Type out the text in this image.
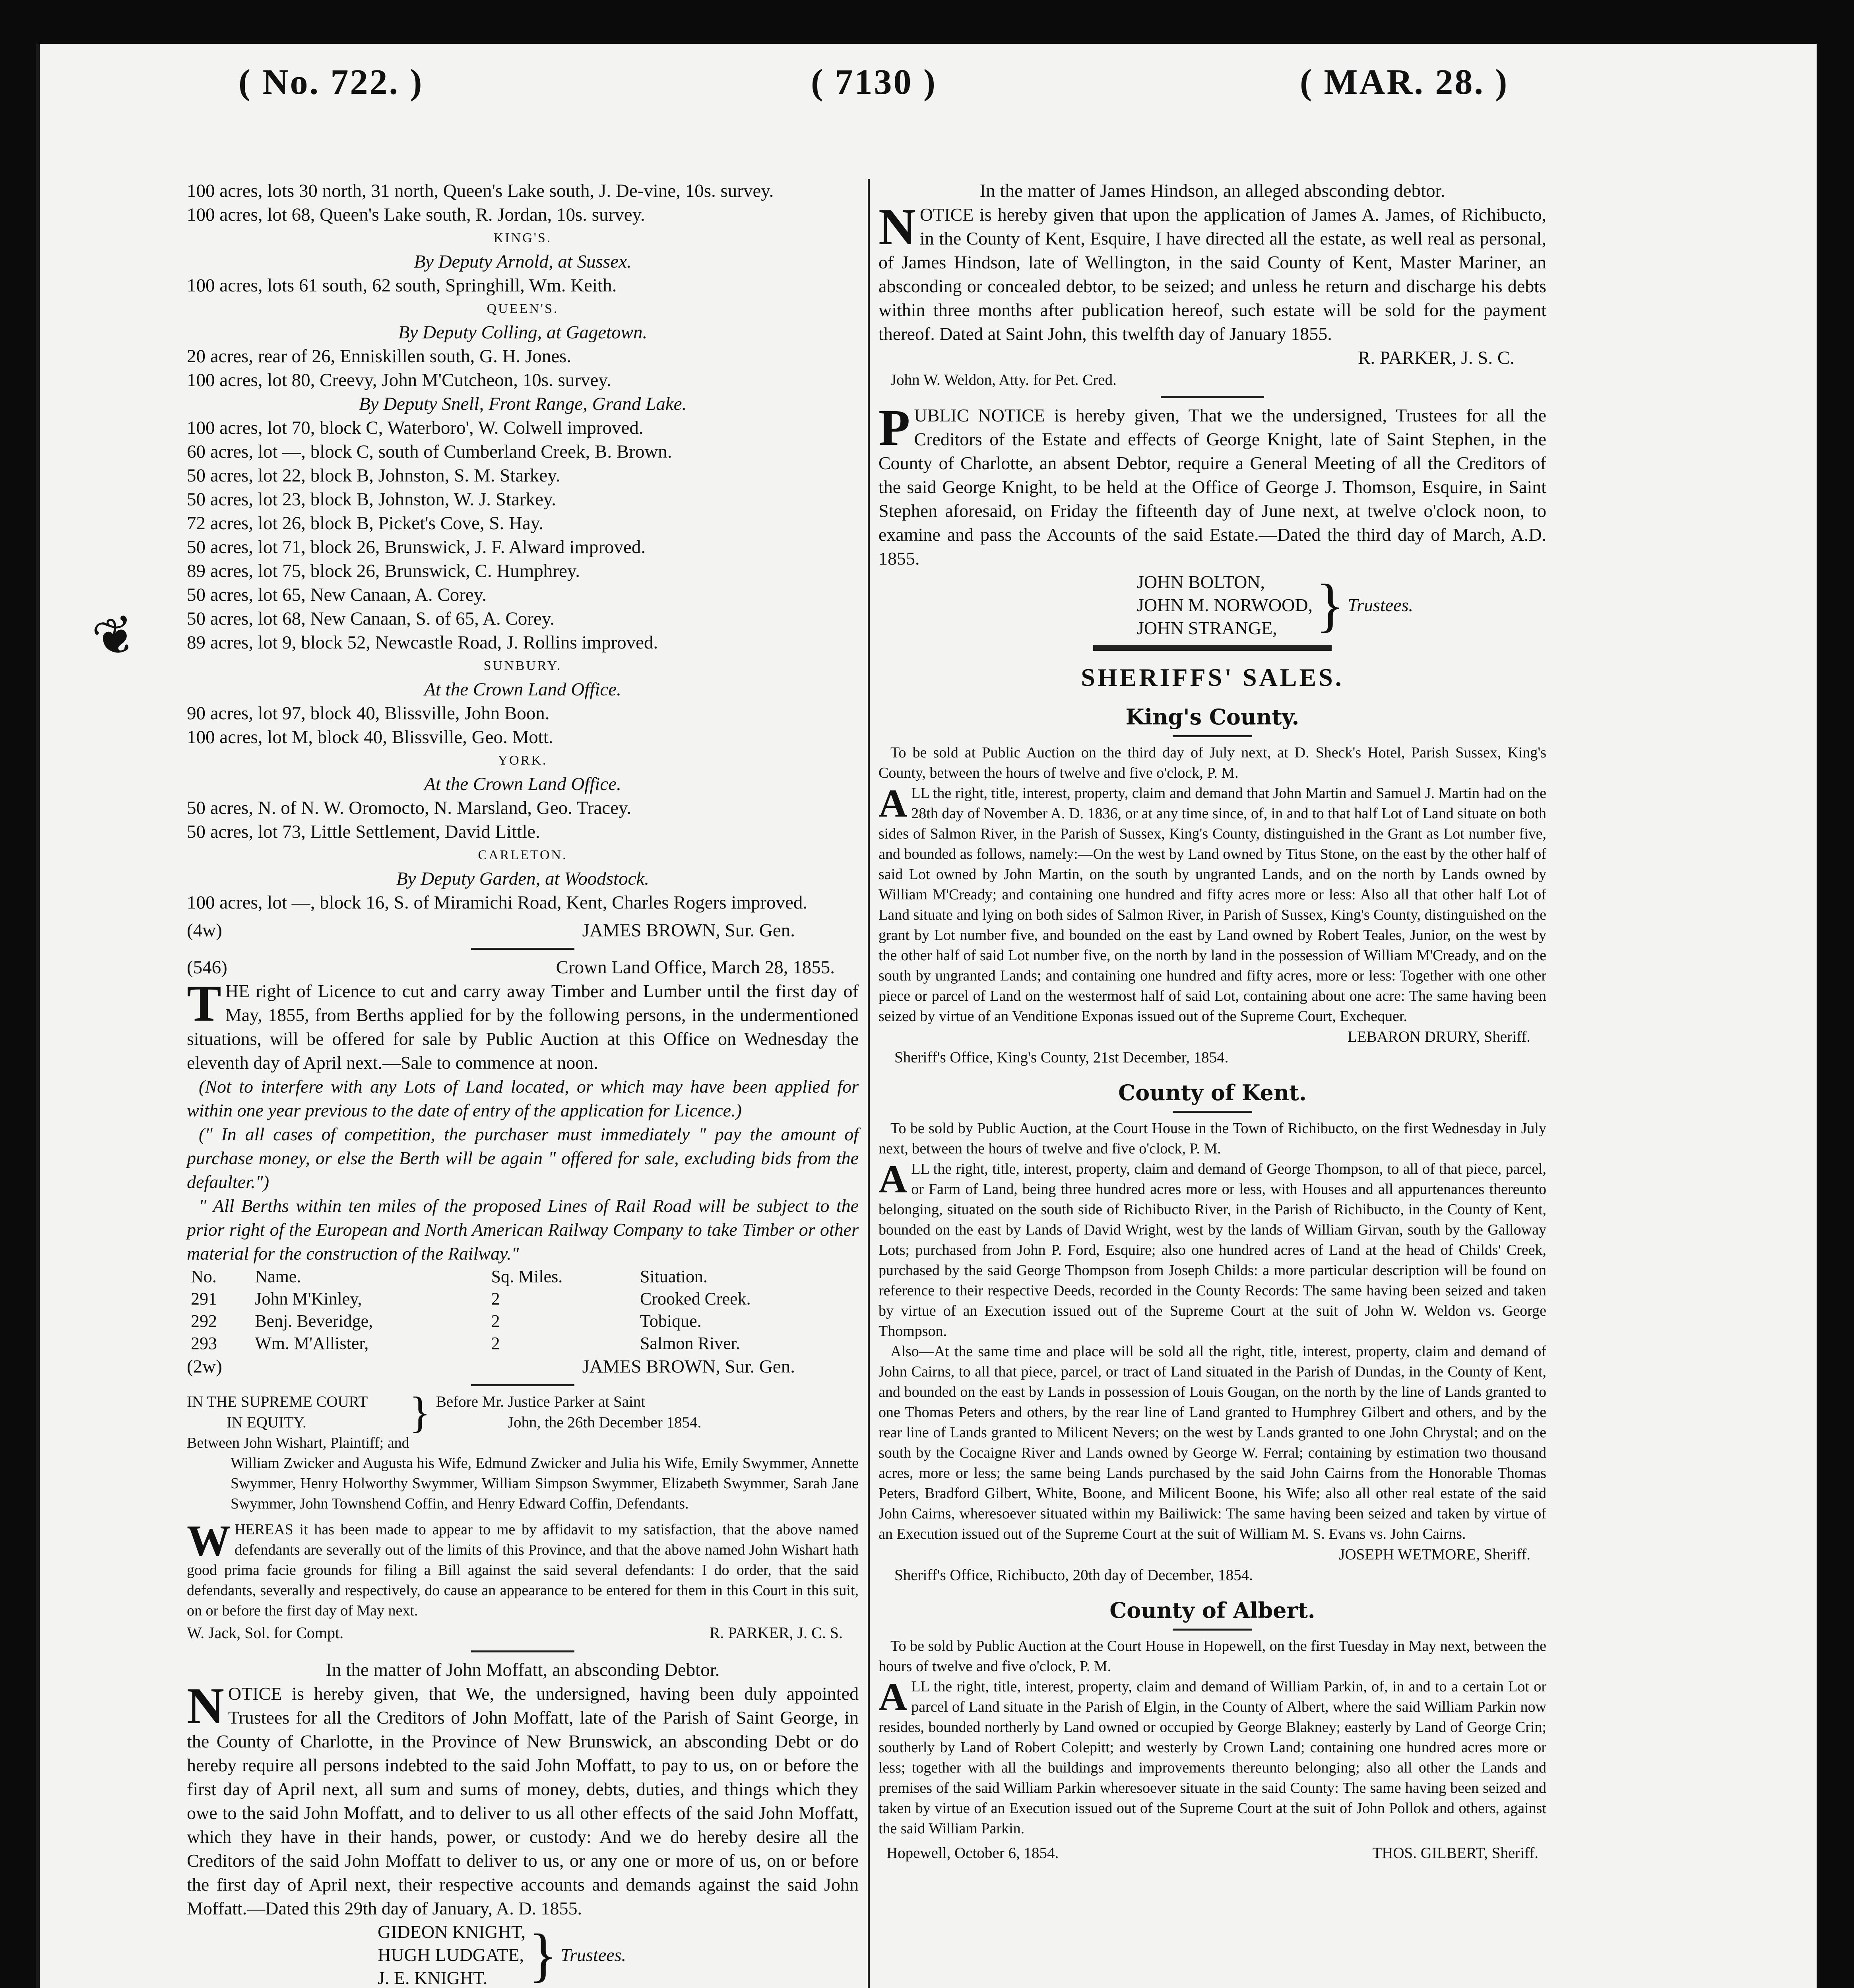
( No. 722. )	( 7130 )	( MAR. 28. )
❦
100 acres, lots 30 north, 31 north, Queen's Lake south, J. De-vine, 10s. survey.
100 acres, lot 68, Queen's Lake south, R. Jordan, 10s. survey.
KING'S.
By Deputy Arnold, at Sussex.
100 acres, lots 61 south, 62 south, Springhill, Wm. Keith.
QUEEN'S.
By Deputy Colling, at Gagetown.
20 acres, rear of 26, Enniskillen south, G. H. Jones.
100 acres, lot 80, Creevy, John M'Cutcheon, 10s. survey.
By Deputy Snell, Front Range, Grand Lake.
100 acres, lot 70, block C, Waterboro', W. Colwell improved.
60 acres, lot —, block C, south of Cumberland Creek, B. Brown.
50 acres, lot 22, block B, Johnston, S. M. Starkey.
50 acres, lot 23, block B, Johnston, W. J. Starkey.
72 acres, lot 26, block B, Picket's Cove, S. Hay.
50 acres, lot 71, block 26, Brunswick, J. F. Alward improved.
89 acres, lot 75, block 26, Brunswick, C. Humphrey.
50 acres, lot 65, New Canaan, A. Corey.
50 acres, lot 68, New Canaan, S. of 65, A. Corey.
89 acres, lot 9, block 52, Newcastle Road, J. Rollins improved.
SUNBURY.
At the Crown Land Office.
90 acres, lot 97, block 40, Blissville, John Boon.
100 acres, lot M, block 40, Blissville, Geo. Mott.
YORK.
At the Crown Land Office.
50 acres, N. of N. W. Oromocto, N. Marsland, Geo. Tracey.
50 acres, lot 73, Little Settlement, David Little.
CARLETON.
By Deputy Garden, at Woodstock.
100 acres, lot —, block 16, S. of Miramichi Road, Kent, Charles Rogers improved.
(4w)	JAMES BROWN, Sur. Gen.
(546)	Crown Land Office, March 28, 1855.

THE right of Licence to cut and carry away Timber and Lumber until the first day of May, 1855, from Berths applied for by the following persons, in the undermentioned situations, will be offered for sale by Public Auction at this Office on Wednesday the eleventh day of April next.—Sale to commence at noon.

(Not to interfere with any Lots of Land located, or which may have been applied for within one year previous to the date of entry of the application for Licence.)

(" In all cases of competition, the purchaser must immediately " pay the amount of purchase money, or else the Berth will be again " offered for sale, excluding bids from the defaulter.")

" All Berths within ten miles of the proposed Lines of Rail Road will be subject to the prior right of the European and North American Railway Company to take Timber or other material for the construction of the Railway."

No.	Name.	Sq. Miles.	Situation.
291	John M'Kinley,	2	Crooked Creek.
292	Benj. Beveridge,	2	Tobique.
293	Wm. M'Allister,	2	Salmon River.
(2w)	JAMES BROWN, Sur. Gen.
IN THE SUPREME COURT
IN EQUITY.	} Before Mr. Justice Parker at Saint
John, the 26th December 1854.
Between John Wishart, Plaintiff; and
William Zwicker and Augusta his Wife, Edmund Zwicker and Julia his Wife, Emily Swymmer, Annette Swymmer, Henry Holworthy Swymmer, William Simpson Swymmer, Elizabeth Swymmer, Sarah Jane Swymmer, John Townshend Coffin, and Henry Edward Coffin, Defendants.

WHEREAS it has been made to appear to me by affidavit to my satisfaction, that the above named defendants are severally out of the limits of this Province, and that the above named John Wishart hath good prima facie grounds for filing a Bill against the said several defendants: I do order, that the said defendants, severally and respectively, do cause an appearance to be entered for them in this Court in this suit, on or before the first day of May next.

W. Jack, Sol. for Compt.	R. PARKER, J. C. S.
In the matter of John Moffatt, an absconding Debtor.

NOTICE is hereby given, that We, the undersigned, having been duly appointed Trustees for all the Creditors of John Moffatt, late of the Parish of Saint George, in the County of Charlotte, in the Province of New Brunswick, an absconding Debt or do hereby require all persons indebted to the said John Moffatt, to pay to us, on or before the first day of April next, all sum and sums of money, debts, duties, and things which they owe to the said John Moffatt, and to deliver to us all other effects of the said John Moffatt, which they have in their hands, power, or custody: And we do hereby desire all the Creditors of the said John Moffatt to deliver to us, or any one or more of us, on or before the first day of April next, their respective accounts and demands against the said John Moffatt.—Dated this 29th day of January, A. D. 1855.

GIDEON KNIGHT,
HUGH LUDGATE,
J. E. KNIGHT. } Trustees.
In the matter of James Hindson, an alleged absconding debtor.

NOTICE is hereby given that upon the application of James A. James, of Richibucto, in the County of Kent, Esquire, I have directed all the estate, as well real as personal, of James Hindson, late of Wellington, in the said County of Kent, Master Mariner, an absconding or concealed debtor, to be seized; and unless he return and discharge his debts within three months after publication hereof, such estate will be sold for the payment thereof. Dated at Saint John, this twelfth day of January 1855.

R. PARKER, J. S. C.
John W. Weldon, Atty. for Pet. Cred.

PUBLIC NOTICE is hereby given, That we the undersigned, Trustees for all the Creditors of the Estate and effects of George Knight, late of Saint Stephen, in the County of Charlotte, an absent Debtor, require a General Meeting of all the Creditors of the said George Knight, to be held at the Office of George J. Thomson, Esquire, in Saint Stephen aforesaid, on Friday the fifteenth day of June next, at twelve o'clock noon, to examine and pass the Accounts of the said Estate.—Dated the third day of March, A.D. 1855.

JOHN BOLTON,
JOHN M. NORWOOD,
JOHN STRANGE, } Trustees.
SHERIFFS' SALES.
King's County.

To be sold at Public Auction on the third day of July next, at D. Sheck's Hotel, Parish Sussex, King's County, between the hours of twelve and five o'clock, P. M.

ALL the right, title, interest, property, claim and demand that John Martin and Samuel J. Martin had on the 28th day of November A. D. 1836, or at any time since, of, in and to that half Lot of Land situate on both sides of Salmon River, in the Parish of Sussex, King's County, distinguished in the Grant as Lot number five, and bounded as follows, namely:—On the west by Land owned by Titus Stone, on the east by the other half of said Lot owned by John Martin, on the south by ungranted Lands, and on the north by Lands owned by William M'Cready; and containing one hundred and fifty acres more or less: Also all that other half Lot of Land situate and lying on both sides of Salmon River, in Parish of Sussex, King's County, distinguished on the grant by Lot number five, and bounded on the east by Land owned by Robert Teales, Junior, on the west by the other half of said Lot number five, on the north by land in the possession of William M'Cready, and on the south by ungranted Lands; and containing one hundred and fifty acres, more or less: Together with one other piece or parcel of Land on the westermost half of said Lot, containing about one acre: The same having been seized by virtue of an Venditione Exponas issued out of the Supreme Court, Exchequer.

LEBARON DRURY, Sheriff.
Sheriff's Office, King's County, 21st December, 1854.
County of Kent.

To be sold by Public Auction, at the Court House in the Town of Richibucto, on the first Wednesday in July next, between the hours of twelve and five o'clock, P. M.

ALL the right, title, interest, property, claim and demand of George Thompson, to all of that piece, parcel, or Farm of Land, being three hundred acres more or less, with Houses and all appurtenances thereunto belonging, situated on the south side of Richibucto River, in the Parish of Richibucto, in the County of Kent, bounded on the east by Lands of David Wright, west by the lands of William Girvan, south by the Galloway Lots; purchased from John P. Ford, Esquire; also one hundred acres of Land at the head of Childs' Creek, purchased by the said George Thompson from Joseph Childs: a more particular description will be found on reference to their respective Deeds, recorded in the County Records: The same having been seized and taken by virtue of an Execution issued out of the Supreme Court at the suit of John W. Weldon vs. George Thompson.

Also—At the same time and place will be sold all the right, title, interest, property, claim and demand of John Cairns, to all that piece, parcel, or tract of Land situated in the Parish of Dundas, in the County of Kent, and bounded on the east by Lands in possession of Louis Gougan, on the north by the line of Lands granted to one Thomas Peters and others, by the rear line of Land granted to Humphrey Gilbert and others, and by the rear line of Lands granted to Milicent Nevers; on the west by Lands granted to one John Chrystal; and on the south by the Cocaigne River and Lands owned by George W. Ferral; containing by estimation two thousand acres, more or less; the same being Lands purchased by the said John Cairns from the Honorable Thomas Peters, Bradford Gilbert, White, Boone, and Milicent Boone, his Wife; also all other real estate of the said John Cairns, wheresoever situated within my Bailiwick: The same having been seized and taken by virtue of an Execution issued out of the Supreme Court at the suit of William M. S. Evans vs. John Cairns.

JOSEPH WETMORE, Sheriff.
Sheriff's Office, Richibucto, 20th day of December, 1854.
County of Albert.

To be sold by Public Auction at the Court House in Hopewell, on the first Tuesday in May next, between the hours of twelve and five o'clock, P. M.

ALL the right, title, interest, property, claim and demand of William Parkin, of, in and to a certain Lot or parcel of Land situate in the Parish of Elgin, in the County of Albert, where the said William Parkin now resides, bounded northerly by Land owned or occupied by George Blakney; easterly by Land of George Crin; southerly by Land of Robert Colepitt; and westerly by Crown Land; containing one hundred acres more or less; together with all the buildings and improvements thereunto belonging; also all other the Lands and premises of the said William Parkin wheresoever situate in the said County: The same having been seized and taken by virtue of an Execution issued out of the Supreme Court at the suit of John Pollok and others, against the said William Parkin.

Hopewell, October 6, 1854.	THOS. GILBERT, Sheriff.
